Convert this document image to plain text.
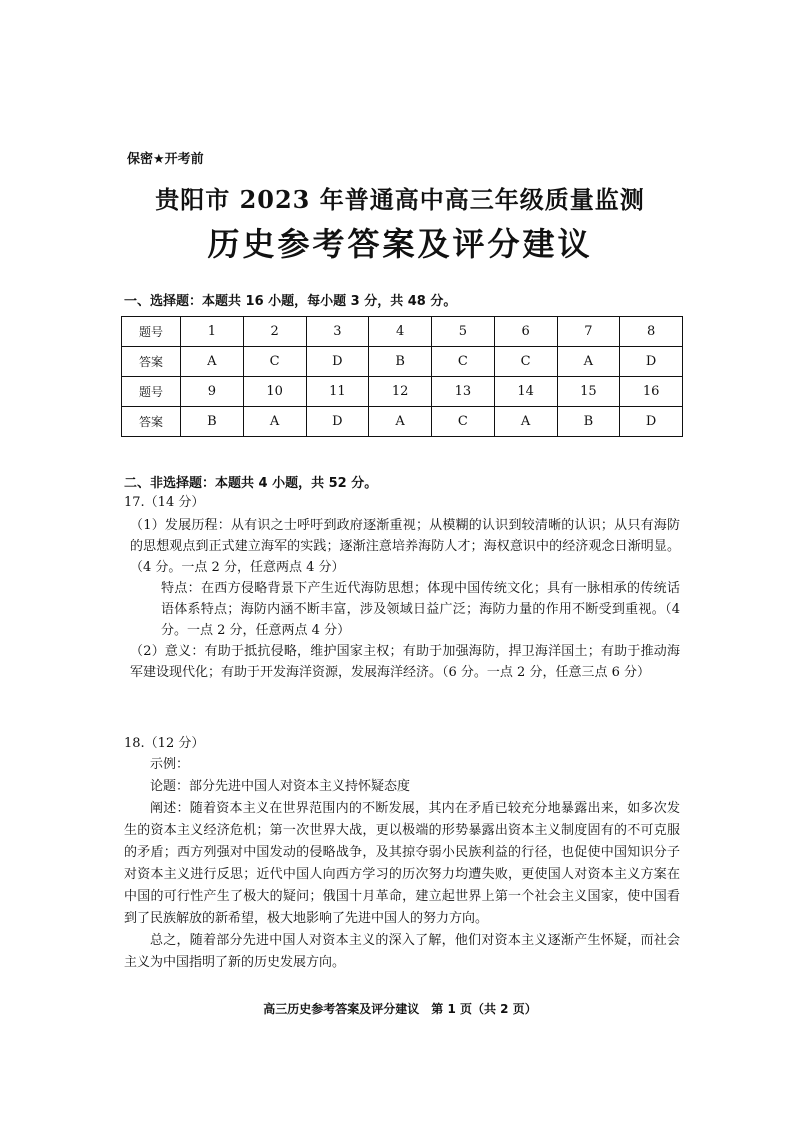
保密★开考前
贵阳市 2023 年普通高中高三年级质量监测
历史参考答案及评分建议
一、选择题：本题共 16 小题，每小题 3 分，共 48 分。
题号	1	2	3	4	5	6	7	8
答案	A	C	D	B	C	C	A	D
题号	9	10	11	12	13	14	15	16
答案	B	A	D	A	C	A	B	D
二、非选择题：本题共 4 小题，共 52 分。
17.（14 分）

（1）发展历程：从有识之士呼吁到政府逐渐重视；从模糊的认识到较清晰的认识；从只有海防的思想观点到正式建立海军的实践；逐渐注意培养海防人才；海权意识中的经济观念日渐明显。（4 分。一点 2 分，任意两点 4 分）

特点：在西方侵略背景下产生近代海防思想；体现中国传统文化；具有一脉相承的传统话语体系特点；海防内涵不断丰富，涉及领域日益广泛；海防力量的作用不断受到重视。（4 分。一点 2 分，任意两点 4 分）

（2）意义：有助于抵抗侵略，维护国家主权；有助于加强海防，捍卫海洋国土；有助于推动海军建设现代化；有助于开发海洋资源，发展海洋经济。（6 分。一点 2 分，任意三点 6 分）

18.（12 分）

示例：

论题：部分先进中国人对资本主义持怀疑态度

阐述：随着资本主义在世界范围内的不断发展，其内在矛盾已较充分地暴露出来，如多次发生的资本主义经济危机；第一次世界大战，更以极端的形势暴露出资本主义制度固有的不可克服的矛盾；西方列强对中国发动的侵略战争，及其掠夺弱小民族利益的行径，也促使中国知识分子对资本主义进行反思；近代中国人向西方学习的历次努力均遭失败，更使国人对资本主义方案在中国的可行性产生了极大的疑问；俄国十月革命，建立起世界上第一个社会主义国家，使中国看到了民族解放的新希望，极大地影响了先进中国人的努力方向。

总之，随着部分先进中国人对资本主义的深入了解，他们对资本主义逐渐产生怀疑，而社会主义为中国指明了新的历史发展方向。

高三历史参考答案及评分建议　第 1 页（共 2 页）
